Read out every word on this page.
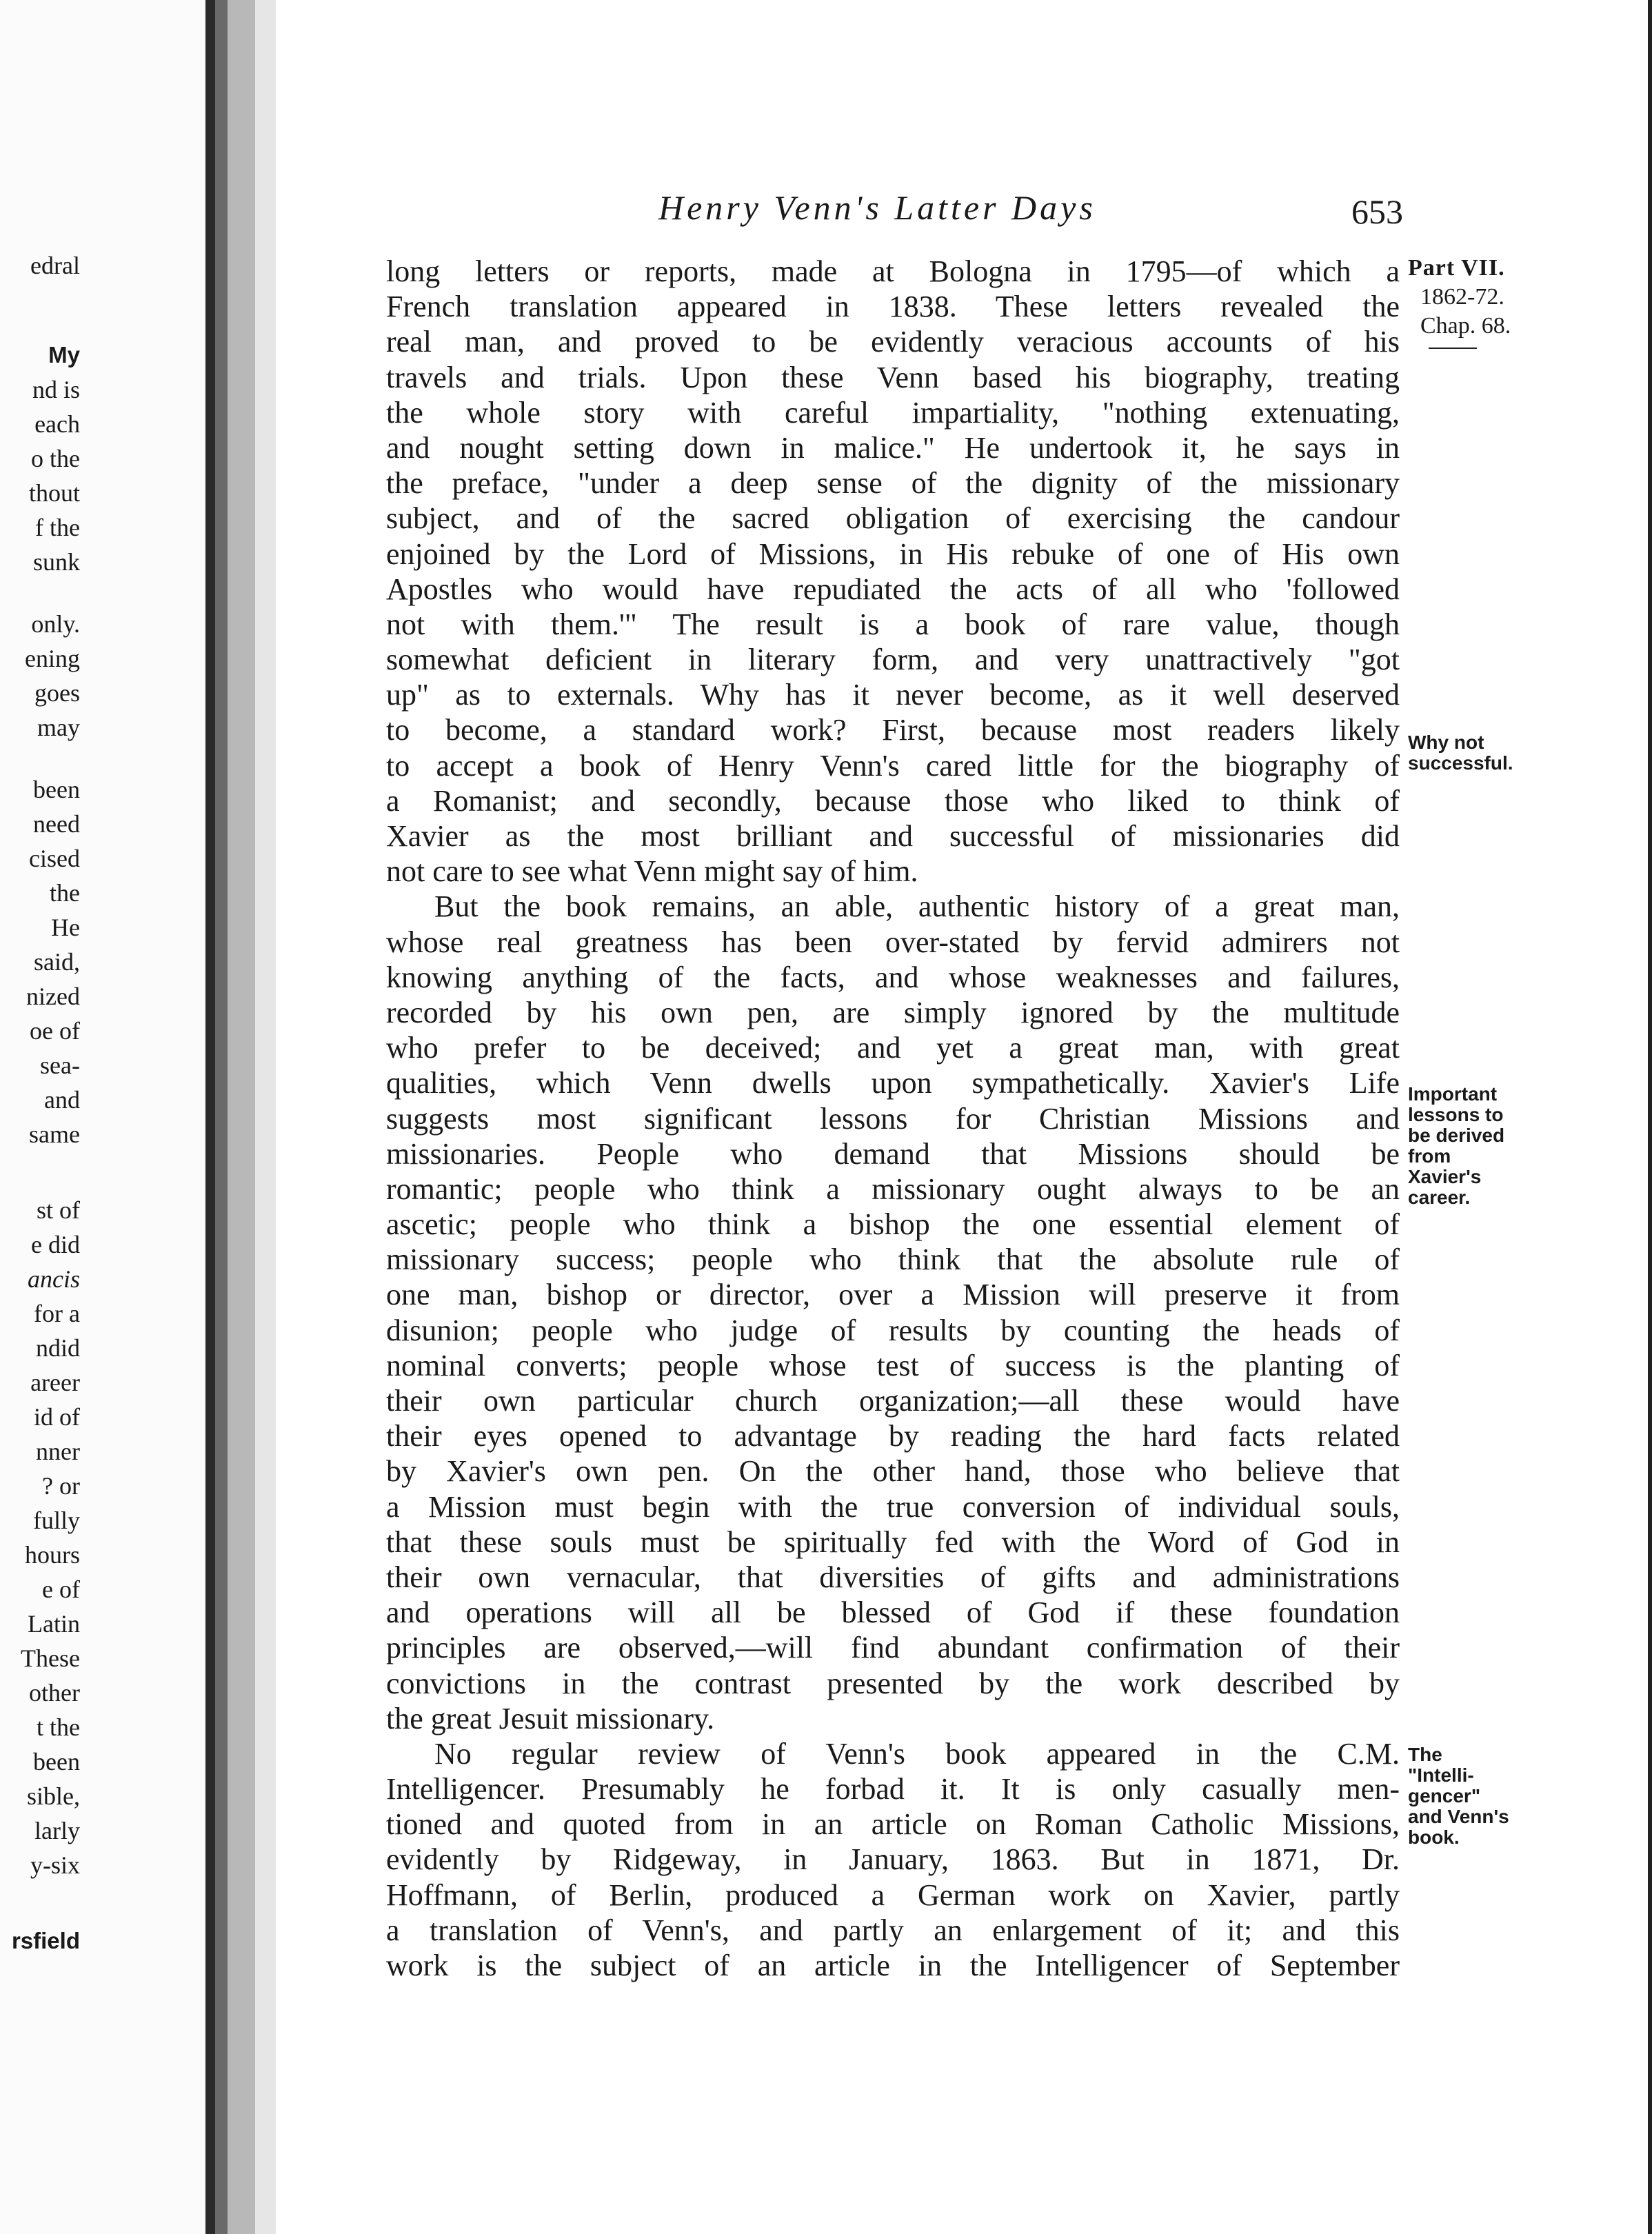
edral
My
nd is
each
o the
thout
f the
sunk
only.
ening
goes
may
been
need
cised
the
He
said,
nized
oe of
sea-
and
same
st of
e did
ancis
for a
ndid
areer
id of
nner
? or
fully
hours
e of
Latin
These
other
t the
been
sible,
larly
y-six
rsfield
Henry Venn's Latter Days	653
long letters or reports, made at Bologna in 1795—of which a
French translation appeared in 1838. These letters revealed the
real man, and proved to be evidently veracious accounts of his
travels and trials. Upon these Venn based his biography, treating
the whole story with careful impartiality, "nothing extenuating,
and nought setting down in malice." He undertook it, he says in
the preface, "under a deep sense of the dignity of the missionary
subject, and of the sacred obligation of exercising the candour
enjoined by the Lord of Missions, in His rebuke of one of His own
Apostles who would have repudiated the acts of all who 'followed
not with them.'" The result is a book of rare value, though
somewhat deficient in literary form, and very unattractively "got
up" as to externals. Why has it never become, as it well deserved
to become, a standard work? First, because most readers likely
to accept a book of Henry Venn's cared little for the biography of
a Romanist; and secondly, because those who liked to think of
Xavier as the most brilliant and successful of missionaries did
not care to see what Venn might say of him.
But the book remains, an able, authentic history of a great man,
whose real greatness has been over-stated by fervid admirers not
knowing anything of the facts, and whose weaknesses and failures,
recorded by his own pen, are simply ignored by the multitude
who prefer to be deceived; and yet a great man, with great
qualities, which Venn dwells upon sympathetically. Xavier's Life
suggests most significant lessons for Christian Missions and
missionaries. People who demand that Missions should be
romantic; people who think a missionary ought always to be an
ascetic; people who think a bishop the one essential element of
missionary success; people who think that the absolute rule of
one man, bishop or director, over a Mission will preserve it from
disunion; people who judge of results by counting the heads of
nominal converts; people whose test of success is the planting of
their own particular church organization;—all these would have
their eyes opened to advantage by reading the hard facts related
by Xavier's own pen. On the other hand, those who believe that
a Mission must begin with the true conversion of individual souls,
that these souls must be spiritually fed with the Word of God in
their own vernacular, that diversities of gifts and administrations
and operations will all be blessed of God if these foundation
principles are observed,—will find abundant confirmation of their
convictions in the contrast presented by the work described by
the great Jesuit missionary.
No regular review of Venn's book appeared in the C.M.
Intelligencer. Presumably he forbad it. It is only casually men-
tioned and quoted from in an article on Roman Catholic Missions,
evidently by Ridgeway, in January, 1863. But in 1871, Dr.
Hoffmann, of Berlin, produced a German work on Xavier, partly
a translation of Venn's, and partly an enlargement of it; and this
work is the subject of an article in the Intelligencer of September
Part VII.
1862-72.
Chap. 68.
Why not
successful.
Important
lessons to
be derived
from
Xavier's
career.
The
"Intelli-
gencer"
and Venn's
book.
